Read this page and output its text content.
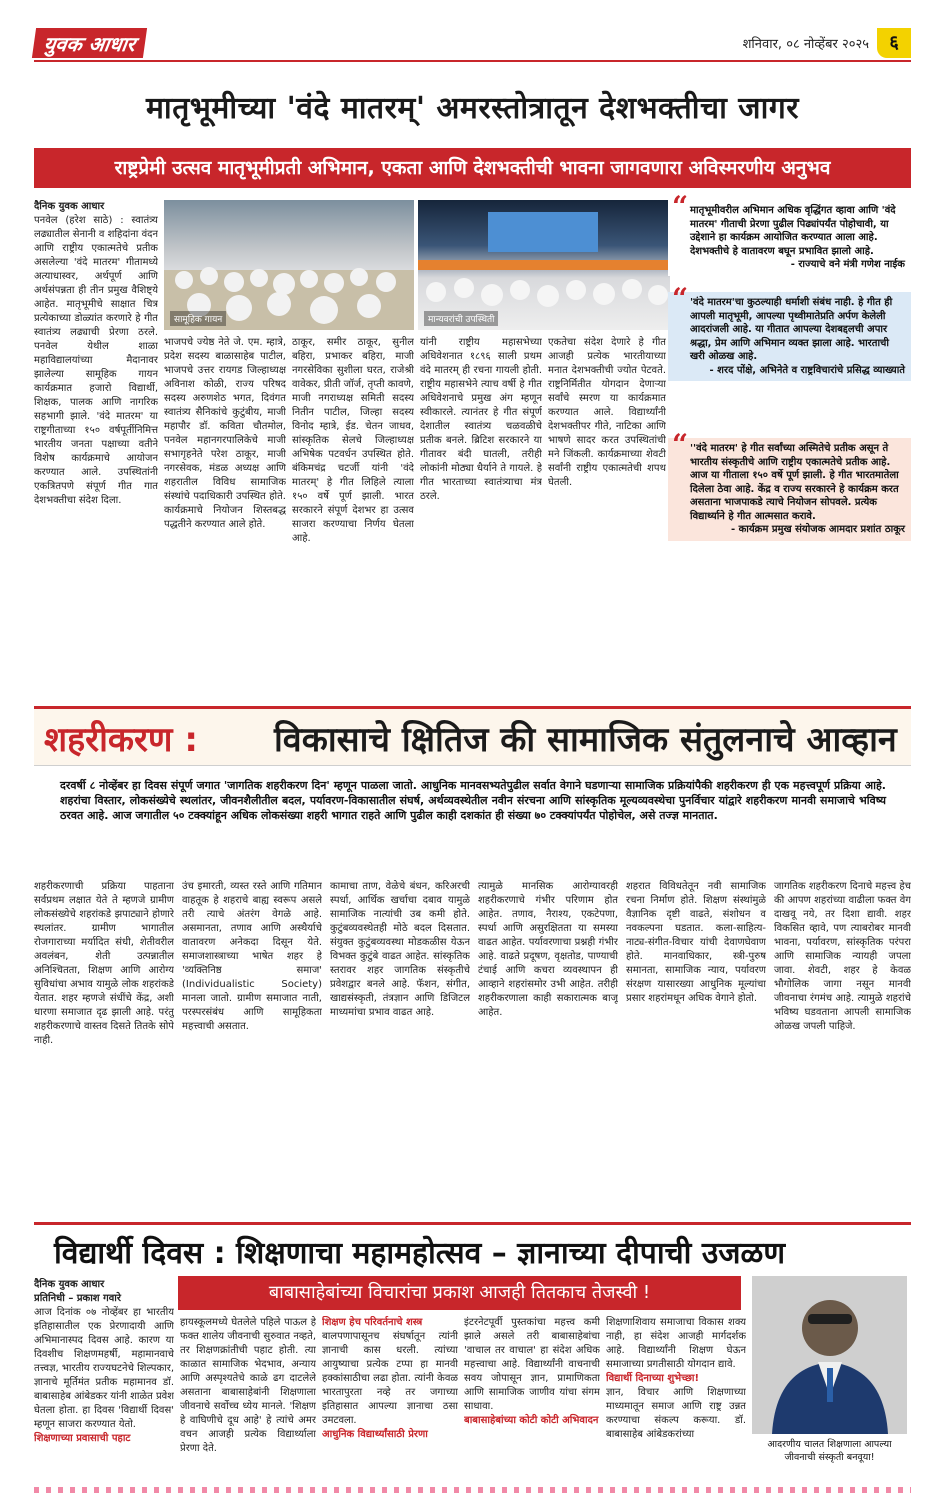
युवक आधार	शनिवार, ०८ नोव्हेंबर २०२५	६
मातृभूमीच्या 'वंदे मातरम्' अमरस्तोत्रातून देशभक्तीचा जागर
राष्ट्रप्रेमी उत्सव मातृभूमीप्रती अभिमान, एकता आणि देशभक्तीची भावना जागवणारा अविस्मरणीय अनुभव
दैनिक युवक आधार
पनवेल (हरेश साठे) : स्वातंत्र्य लढ्यातील सेनानी व शहिदांना वंदन आणि राष्ट्रीय एकात्मतेचे प्रतीक असलेल्या 'वंदे मातरम' गीतामध्ये अत्याधास्वर, अर्थपूर्ण आणि अर्थसंपन्नता ही तीन प्रमुख वैशिष्ट्ये आहेत. मातृभूमीचे साक्षात चित्र प्रत्येकाच्या डोळ्यांत करणारे हे गीत स्वातंत्र्य लढ्याची प्रेरणा ठरले. पनवेल येथील शाळा महाविद्यालयांच्या मैदानावर झालेल्या सामूहिक गायन कार्यक्रमात हजारो विद्यार्थी, शिक्षक, पालक आणि नागरिक सहभागी झाले. 'वंदे मातरम' या राष्ट्रगीताच्या १५० वर्षपूर्तीनिमित्त भारतीय जनता पक्षाच्या वतीने विशेष कार्यक्रमाचे आयोजन करण्यात आले. उपस्थितांनी एकत्रितपणे संपूर्ण गीत गात देशभक्तीचा संदेश दिला.
सामूहिक गायन	मान्यवरांची उपस्थिती
भाजपचे ज्येष्ठ नेते जे. एम. म्हात्रे, प्रदेश सदस्य बाळासाहेब पाटील, भाजपचे उत्तर रायगड जिल्हाध्यक्ष अविनाश कोळी, राज्य परिषद सदस्य अरुणशेठ भगत, दिवंगत स्वातंत्र्य सैनिकांचे कुटुंबीय, माजी महापौर डॉ. कविता चौतमोल, पनवेल महानगरपालिकेचे माजी सभागृहनेते परेश ठाकूर, माजी नगरसेवक, मंडळ अध्यक्ष आणि शहरातील विविध सामाजिक संस्थांचे पदाधिकारी उपस्थित होते. कार्यक्रमाचे नियोजन शिस्तबद्ध पद्धतीने करण्यात आले होते.
ठाकूर, समीर ठाकूर, सुनील बहिरा, प्रभाकर बहिरा, माजी नगरसेविका सुशीला घरत, राजेश्री वावेकर, प्रीती जॉर्ज, तृप्ती कावणे, माजी नगराध्यक्ष समिती सदस्य नितीन पाटील, जिल्हा सदस्य विनोद म्हात्रे, ईड. चेतन जाधव, सांस्कृतिक सेलचे जिल्हाध्यक्ष अभिषेक पटवर्धन उपस्थित होते. बंकिमचंद्र चटर्जी यांनी 'वंदे मातरम्' हे गीत लिहिले त्याला १५० वर्षे पूर्ण झाली. भारत सरकारने संपूर्ण देशभर हा उत्सव साजरा करण्याचा निर्णय घेतला आहे.
यांनी राष्ट्रीय महासभेच्या अधिवेशनात १८९६ साली प्रथम वंदे मातरम् ही रचना गायली होती. राष्ट्रीय महासभेने त्याच वर्षी हे गीत अधिवेशनाचे प्रमुख अंग म्हणून स्वीकारले. त्यानंतर हे गीत संपूर्ण देशातील स्वातंत्र्य चळवळीचे प्रतीक बनले. ब्रिटिश सरकारने या गीतावर बंदी घातली, तरीही लोकांनी मोठ्या धैर्याने ते गायले. हे गीत भारताच्या स्वातंत्र्याचा मंत्र ठरले.
एकतेचा संदेश देणारे हे गीत आजही प्रत्येक भारतीयाच्या मनात देशभक्तीची ज्योत पेटवते. राष्ट्रनिर्मितीत योगदान देणाऱ्या सर्वांचे स्मरण या कार्यक्रमात करण्यात आले. विद्यार्थ्यांनी देशभक्तीपर गीते, नाटिका आणि भाषणे सादर करत उपस्थितांची मने जिंकली. कार्यक्रमाच्या शेवटी सर्वांनी राष्ट्रीय एकात्मतेची शपथ घेतली.
“ मातृभूमीवरील अभिमान अधिक वृद्धिंगत व्हावा आणि 'वंदे मातरम' गीताची प्रेरणा पुढील पिढ्यांपर्यंत पोहोचावी, या उद्देशाने हा कार्यक्रम आयोजित करण्यात आला आहे. देशभक्तीचे हे वातावरण बघून प्रभावित झालो आहे.
- राज्याचे वने मंत्री गणेश नाईक
“ 'वंदे मातरम'चा कुठल्याही धर्माशी संबंध नाही. हे गीत ही आपली मातृभूमी, आपल्या पृथ्वीमातेप्रति अर्पण केलेली आदरांजली आहे. या गीतात आपल्या देशबद्दलची अपार श्रद्धा, प्रेम आणि अभिमान व्यक्त झाला आहे. भारताची खरी ओळख आहे.
- शरद पोंक्षे, अभिनेते व राष्ट्रविचारांचे प्रसिद्ध व्याख्याते
“ ''वंदे मातरम' हे गीत सर्वांच्या अस्मितेचे प्रतीक असून ते भारतीय संस्कृतीचे आणि राष्ट्रीय एकात्मतेचे प्रतीक आहे. आज या गीताला १५० वर्षे पूर्ण झाली. हे गीत भारतमातेला दिलेला ठेवा आहे. केंद्र व राज्य सरकारने हे कार्यक्रम करत असताना भाजपाकडे त्याचे नियोजन सोपवले. प्रत्येक विद्यार्थ्याने हे गीत आत्मसात करावे.
- कार्यक्रम प्रमुख संयोजक आमदार प्रशांत ठाकूर
शहरीकरण : विकासाचे क्षितिज की सामाजिक संतुलनाचे आव्हान
दरवर्षी ८ नोव्हेंबर हा दिवस संपूर्ण जगात 'जागतिक शहरीकरण दिन' म्हणून पाळला जातो. आधुनिक मानवसभ्यतेपुढील सर्वात वेगाने घडणाऱ्या सामाजिक प्रक्रियांपैकी शहरीकरण ही एक महत्त्वपूर्ण प्रक्रिया आहे. शहरांचा विस्तार, लोकसंख्येचे स्थलांतर, जीवनशैलीतील बदल, पर्यावरण-विकासातील संघर्ष, अर्थव्यवस्थेतील नवीन संरचना आणि सांस्कृतिक मूल्यव्यवस्थेचा पुनर्विचार यांद्वारे शहरीकरण मानवी समाजाचे भविष्य ठरवत आहे. आज जगातील ५० टक्क्यांहून अधिक लोकसंख्या शहरी भागात राहते आणि पुढील काही दशकांत ही संख्या ७० टक्क्यांपर्यंत पोहोचेल, असे तज्ज्ञ मानतात.
शहरीकरणाची प्रक्रिया पाहताना सर्वप्रथम लक्षात येते ते म्हणजे ग्रामीण लोकसंख्येचे शहरांकडे झपाट्याने होणारे स्थलांतर. ग्रामीण भागातील रोजगाराच्या मर्यादित संधी, शेतीवरील अवलंबन, शेती उत्पन्नातील अनिश्चितता, शिक्षण आणि आरोग्य सुविधांचा अभाव यामुळे लोक शहरांकडे येतात. शहर म्हणजे संधींचे केंद्र, अशी धारणा समाजात दृढ झाली आहे. परंतु शहरीकरणाचे वास्तव दिसते तितके सोपे नाही.
उंच इमारती, व्यस्त रस्ते आणि गतिमान वाहतूक हे शहराचे बाह्य स्वरूप असले तरी त्याचे अंतरंग वेगळे आहे. असमानता, तणाव आणि अस्थैर्याचे वातावरण अनेकदा दिसून येते. समाजशास्त्राच्या भाषेत शहर हे 'व्यक्तिनिष्ठ समाज' (Individualistic Society) मानला जातो. ग्रामीण समाजात नाती, परस्परसंबंध आणि सामूहिकता महत्त्वाची असतात.
कामाचा ताण, वेळेचे बंधन, करिअरची स्पर्धा, आर्थिक खर्चाचा दबाव यामुळे सामाजिक नात्यांची उब कमी होते. कुटुंबव्यवस्थेतही मोठे बदल दिसतात. संयुक्त कुटुंबव्यवस्था मोडकळीस येऊन विभक्त कुटुंबे वाढत आहेत. सांस्कृतिक स्तरावर शहर जागतिक संस्कृतीचे प्रवेशद्वार बनले आहे. फॅशन, संगीत, खाद्यसंस्कृती, तंत्रज्ञान आणि डिजिटल माध्यमांचा प्रभाव वाढत आहे.
त्यामुळे मानसिक आरोग्यावरही शहरीकरणाचे गंभीर परिणाम होत आहेत. तणाव, नैराश्य, एकटेपणा, स्पर्धा आणि असुरक्षितता या समस्या वाढत आहेत. पर्यावरणाचा प्रश्नही गंभीर आहे. वाढते प्रदूषण, वृक्षतोड, पाण्याची टंचाई आणि कचरा व्यवस्थापन ही आव्हाने शहरांसमोर उभी आहेत. तरीही शहरीकरणाला काही सकारात्मक बाजू आहेत.
शहरात विविधतेतून नवी सामाजिक रचना निर्माण होते. शिक्षण संस्थांमुळे वैज्ञानिक दृष्टी वाढते, संशोधन व नवकल्पना घडतात. कला-साहित्य-नाट्य-संगीत-विचार यांची देवाणघेवाण होते. मानवाधिकार, स्त्री-पुरुष समानता, सामाजिक न्याय, पर्यावरण संरक्षण यासारख्या आधुनिक मूल्यांचा प्रसार शहरांमधून अधिक वेगाने होतो.
जागतिक शहरीकरण दिनाचे महत्त्व हेच की आपण शहरांच्या वाढीला फक्त वेग दाखवू नये, तर दिशा द्यावी. शहर विकसित व्हावे, पण त्याबरोबर मानवी भावना, पर्यावरण, सांस्कृतिक परंपरा आणि सामाजिक न्यायही जपला जावा. शेवटी, शहर हे केवळ भौगोलिक जागा नसून मानवी जीवनाचा रंगमंच आहे. त्यामुळे शहरांचे भविष्य घडवताना आपली सामाजिक ओळख जपली पाहिजे.
विद्यार्थी दिवस : शिक्षणाचा महामहोत्सव – ज्ञानाच्या दीपाची उजळण
दैनिक युवक आधार
प्रतिनिधी – प्रकाश गवारे
आज दिनांक ०७ नोव्हेंबर हा भारतीय इतिहासातील एक प्रेरणादायी आणि अभिमानास्पद दिवस आहे. कारण या दिवशीच शिक्षणमहर्षी, महामानवाचे तत्त्वज्ञ, भारतीय राज्यघटनेचे शिल्पकार, ज्ञानाचे मूर्तिमंत प्रतीक महामानव डॉ. बाबासाहेब आंबेडकर यांनी शाळेत प्रवेश घेतला होता. हा दिवस 'विद्यार्थी दिवस' म्हणून साजरा करण्यात येतो.
शिक्षणाच्या प्रवासाची पहाट
बाबासाहेबांच्या विचारांचा प्रकाश आजही तितकाच तेजस्वी !
हायस्कूलमध्ये घेतलेले पहिले पाऊल हे फक्त शालेय जीवनाची सुरुवात नव्हते, तर शिक्षणक्रांतीची पहाट होती. त्या काळात सामाजिक भेदभाव, अन्याय आणि अस्पृश्यतेचे काळे ढग दाटलेले असताना बाबासाहेबांनी शिक्षणाला जीवनाचे सर्वोच्च ध्येय मानले. 'शिक्षण हे वाघिणीचे दूध आहे' हे त्यांचे अमर वचन आजही प्रत्येक विद्यार्थ्याला प्रेरणा देते.
शिक्षण हेच परिवर्तनाचे शस्त्र
बालपणापासूनच संघर्षातून त्यांनी ज्ञानाची कास धरली. त्यांच्या आयुष्याचा प्रत्येक टप्पा हा मानवी हक्कांसाठीचा लढा होता. त्यांनी केवळ भारतापुरता नव्हे तर जगाच्या इतिहासात आपल्या ज्ञानाचा ठसा उमटवला.
आधुनिक विद्यार्थ्यांसाठी प्रेरणा
इंटरनेटपूर्वी पुस्तकांचा महत्त्व कमी झाले असले तरी बाबासाहेबांचा 'वाचाल तर वाचाल' हा संदेश अधिक महत्त्वाचा आहे. विद्यार्थ्यांनी वाचनाची सवय जोपासून ज्ञान, प्रामाणिकता आणि सामाजिक जाणीव यांचा संगम साधावा.
बाबासाहेबांच्या कोटी कोटी अभिवादन
शिक्षणाशिवाय समाजाचा विकास शक्य नाही, हा संदेश आजही मार्गदर्शक आहे. विद्यार्थ्यांनी शिक्षण घेऊन समाजाच्या प्रगतीसाठी योगदान द्यावे.
विद्यार्थी दिनाच्या शुभेच्छा!
ज्ञान, विचार आणि शिक्षणाच्या माध्यमातून समाज आणि राष्ट्र उन्नत करण्याचा संकल्प करूया. डॉ. बाबासाहेब आंबेडकरांच्या
आदरणीय चालत शिक्षणाला आपल्या जीवनाची संस्कृती बनवूया!
